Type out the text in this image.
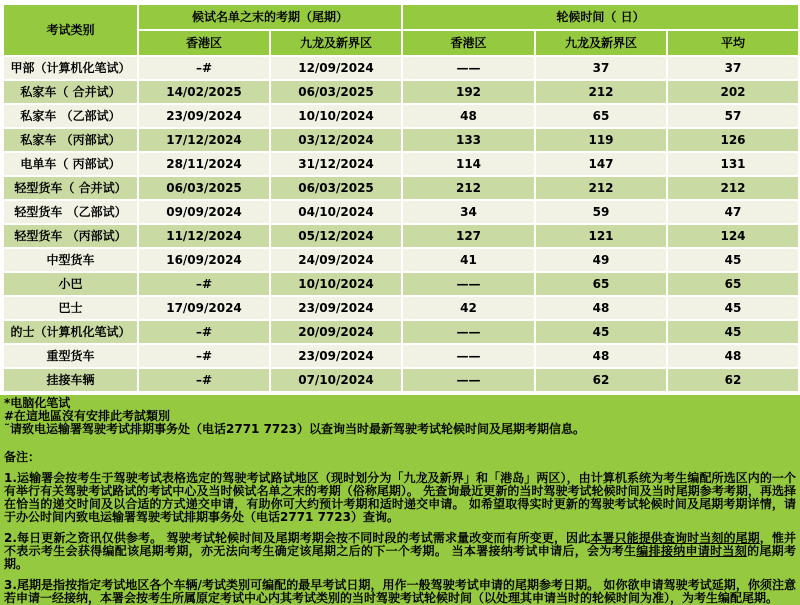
考试类别	候试名单之末的考期（尾期）		轮候时间（ 日）		
	香港区	九龙及新界区	香港区	九龙及新界区	平均
甲部（计算机化笔试）	–#	12/09/2024	——	37	37
私家车（ 合并试）	14/02/2025	06/03/2025	192	212	202
私家车 （乙部试）	23/09/2024	10/10/2024	48	65	57
私家车 （丙部试）	17/12/2024	03/12/2024	133	119	126
电单车（ 丙部试）	28/11/2024	31/12/2024	114	147	131
轻型货车（ 合并试）	06/03/2025	06/03/2025	212	212	212
轻型货车 （乙部试）	09/09/2024	04/10/2024	34	59	47
轻型货车 （丙部试）	11/12/2024	05/12/2024	127	121	124
中型货车	16/09/2024	24/09/2024	41	49	45
小巴	–#	10/10/2024	——	65	65
巴士	17/09/2024	23/09/2024	42	48	45
的士（计算机化笔试）	–#	20/09/2024	——	45	45
重型货车	–#	23/09/2024	——	48	48
挂接车辆	–#	07/10/2024	——	62	62

*电脑化笔试

#在這地區沒有安排此考試類別

˜请致电运输署驾驶考试排期事务处（电话2771 7723）以查询当时最新驾驶考试轮候时间及尾期考期信息。

备注：

1.运输署会按考生于驾驶考试表格选定的驾驶考试路试地区（现时划分为「九龙及新界」和「港岛」两区），由计算机系统为考生编配所选区内的一个有举行有关驾驶考试路试的考试中心及当时候试名单之末的考期（俗称尾期）。 先查询最近更新的当时驾驶考试轮候时间及当时尾期参考考期，再选择在恰当的递交时间及以合适的方式递交申请，有助你可大约预计考期和适时递交申请。 如希望取得实时更新的驾驶考试轮候时间及尾期考期详情，请于办公时间内致电运输署驾驶考试排期事务处（电话2771 7723）查询。

2.每日更新之资讯仅供参考。 驾驶考试轮候时间及尾期考期会按不同时段的考试需求量改变而有所变更，因此本署只能提供查询时当刻的尾期，惟并不表示考生会获得编配该尾期考期，亦无法向考生确定该尾期之后的下一个考期。 当本署接纳考试申请后，会为考生编排接纳申请时当刻的尾期考期。

3.尾期是指按指定考试地区各个车辆/考试类别可编配的最早考试日期，用作一般驾驶考试申请的尾期参考日期。 如你欲申请驾驶考试延期，你须注意若申请一经接纳，本署会按考生所属原定考试中心内其考试类别的当时驾驶考试轮候时间（以处理其申请当时的轮候时间为准），为考生编配尾期。
